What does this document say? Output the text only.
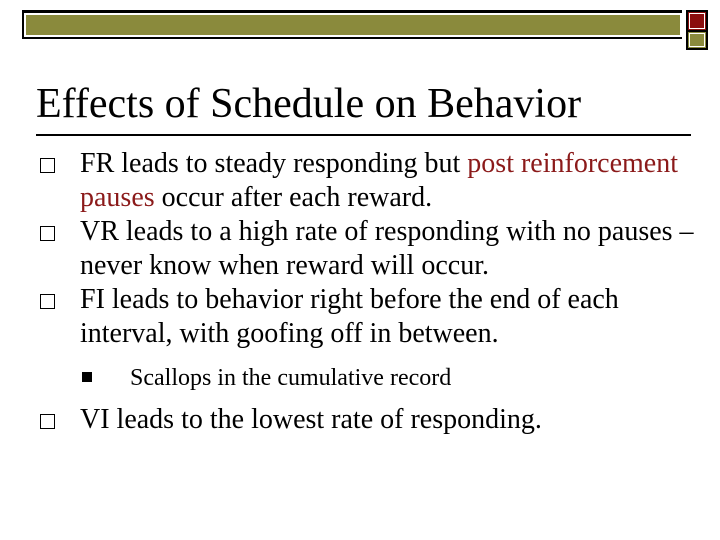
Effects of Schedule on Behavior
FR leads to steady responding but post reinforcement pauses occur after each reward.
VR leads to a high rate of responding with no pauses – never know when reward will occur.
FI leads to behavior right before the end of each interval, with goofing off in between.
Scallops in the cumulative record
VI leads to the lowest rate of responding.
